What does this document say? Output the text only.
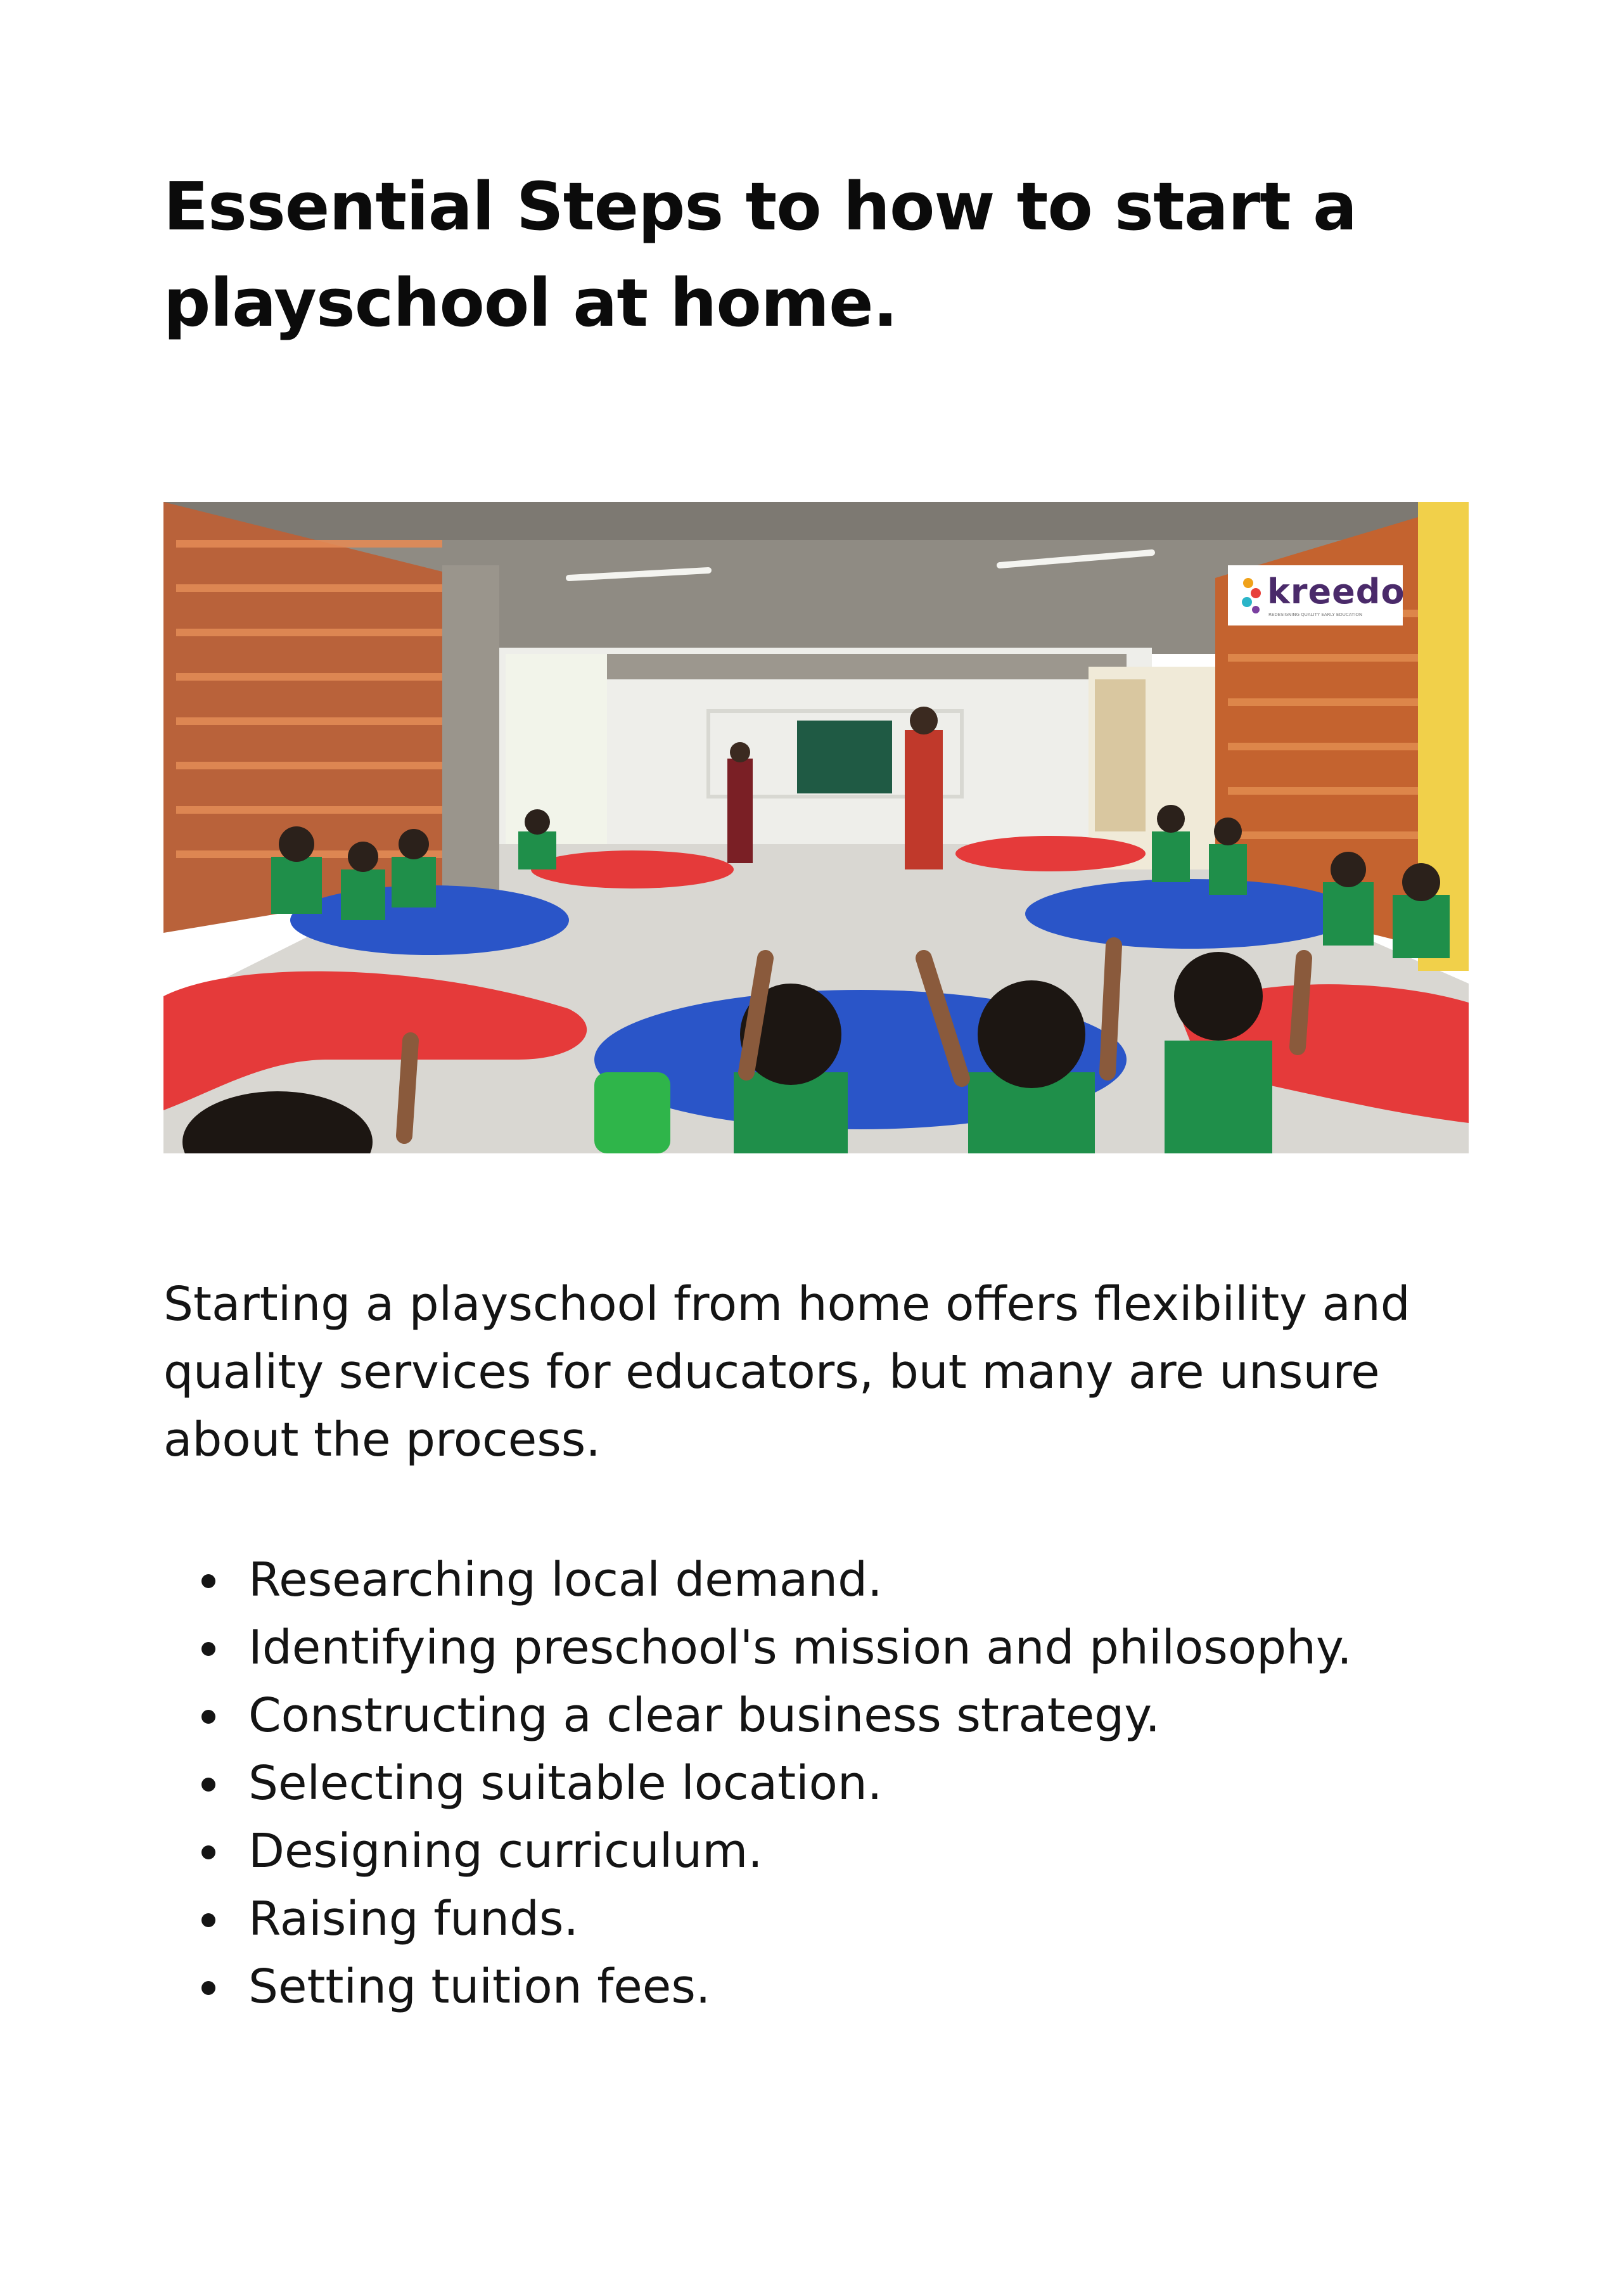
Essential Steps to how to start a
playschool at home.
kreedo
REDESIGNING QUALITY EARLY EDUCATION

Starting a playschool from home offers flexibility and quality services for educators, but many are unsure about the process.

Researching local demand.
Identifying preschool's mission and philosophy.
Constructing a clear business strategy.
Selecting suitable location.
Designing curriculum.
Raising funds.
Setting tuition fees.
